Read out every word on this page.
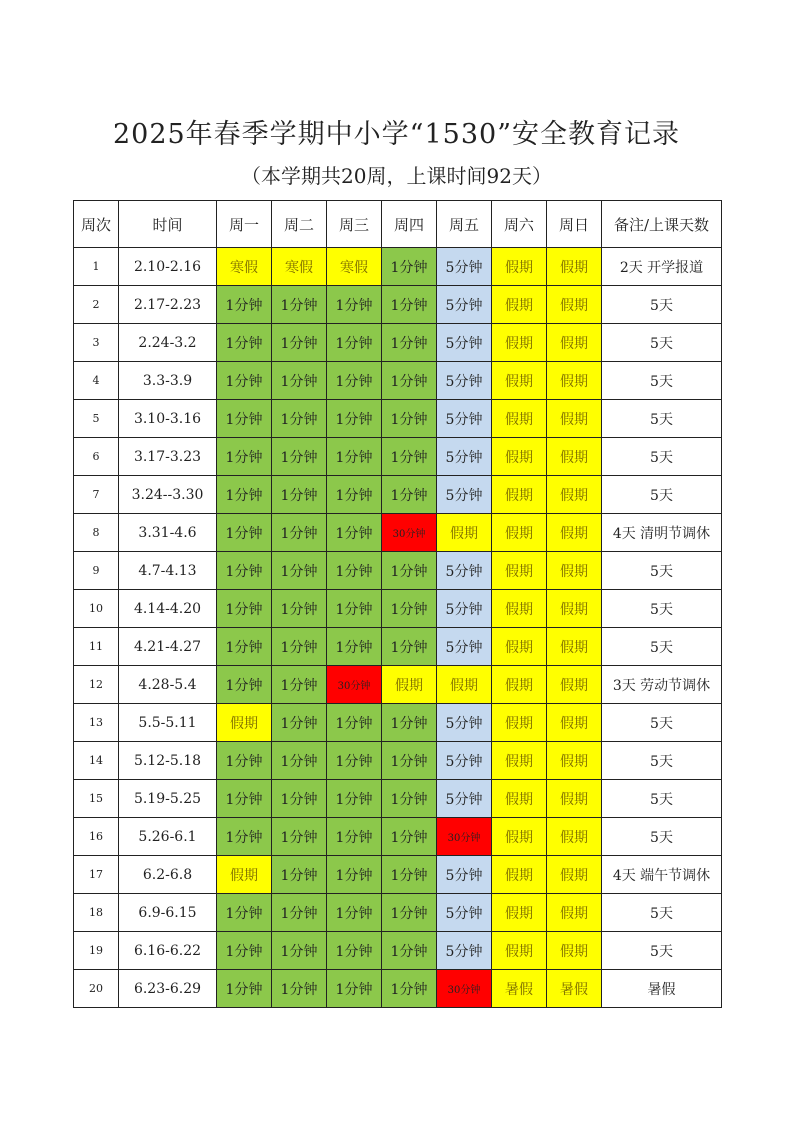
2025年春季学期中小学“1530”安全教育记录
（本学期共20周，上课时间92天）
周次	时间	周一	周二	周三	周四	周五	周六	周日	备注/上课天数
1	2.10-2.16	寒假	寒假	寒假	1分钟	5分钟	假期	假期	2天 开学报道
2	2.17-2.23	1分钟	1分钟	1分钟	1分钟	5分钟	假期	假期	5天
3	2.24-3.2	1分钟	1分钟	1分钟	1分钟	5分钟	假期	假期	5天
4	3.3-3.9	1分钟	1分钟	1分钟	1分钟	5分钟	假期	假期	5天
5	3.10-3.16	1分钟	1分钟	1分钟	1分钟	5分钟	假期	假期	5天
6	3.17-3.23	1分钟	1分钟	1分钟	1分钟	5分钟	假期	假期	5天
7	3.24--3.30	1分钟	1分钟	1分钟	1分钟	5分钟	假期	假期	5天
8	3.31-4.6	1分钟	1分钟	1分钟	30分钟	假期	假期	假期	4天 清明节调休
9	4.7-4.13	1分钟	1分钟	1分钟	1分钟	5分钟	假期	假期	5天
10	4.14-4.20	1分钟	1分钟	1分钟	1分钟	5分钟	假期	假期	5天
11	4.21-4.27	1分钟	1分钟	1分钟	1分钟	5分钟	假期	假期	5天
12	4.28-5.4	1分钟	1分钟	30分钟	假期	假期	假期	假期	3天 劳动节调休
13	5.5-5.11	假期	1分钟	1分钟	1分钟	5分钟	假期	假期	5天
14	5.12-5.18	1分钟	1分钟	1分钟	1分钟	5分钟	假期	假期	5天
15	5.19-5.25	1分钟	1分钟	1分钟	1分钟	5分钟	假期	假期	5天
16	5.26-6.1	1分钟	1分钟	1分钟	1分钟	30分钟	假期	假期	5天
17	6.2-6.8	假期	1分钟	1分钟	1分钟	5分钟	假期	假期	4天 端午节调休
18	6.9-6.15	1分钟	1分钟	1分钟	1分钟	5分钟	假期	假期	5天
19	6.16-6.22	1分钟	1分钟	1分钟	1分钟	5分钟	假期	假期	5天
20	6.23-6.29	1分钟	1分钟	1分钟	1分钟	30分钟	暑假	暑假	暑假
